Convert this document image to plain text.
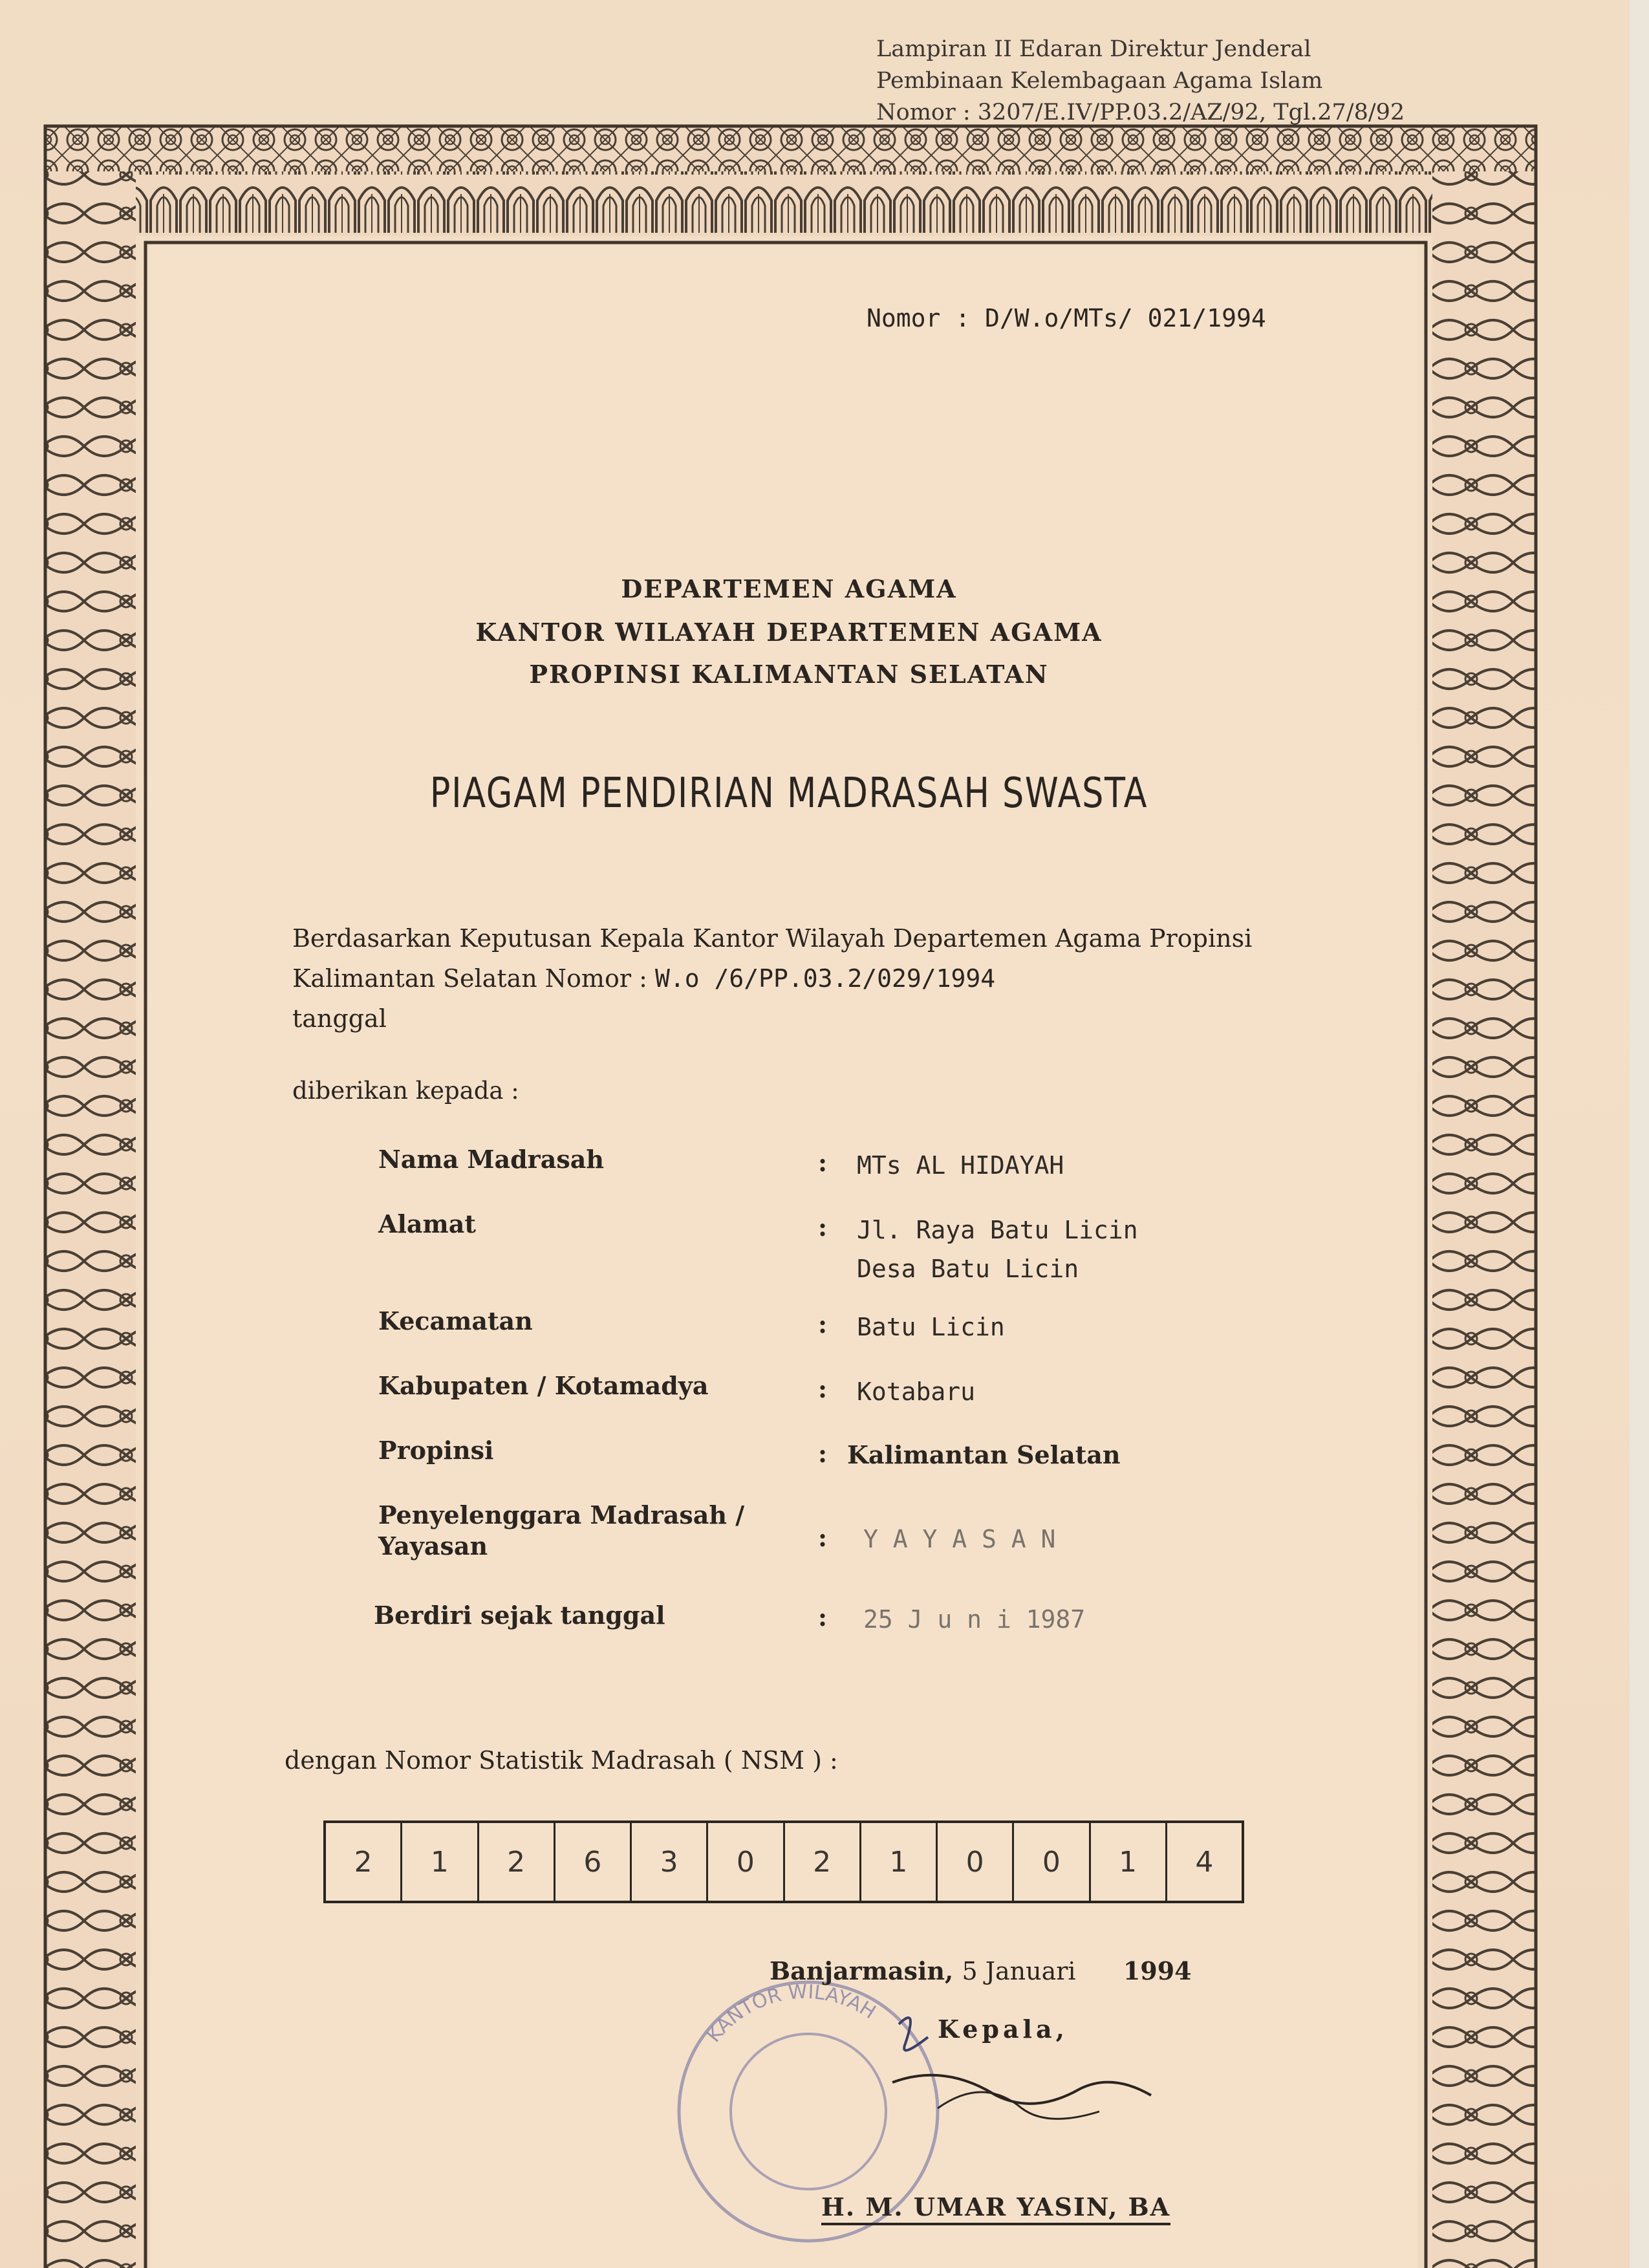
Lampiran II Edaran Direktur Jenderal
Pembinaan Kelembagaan Agama Islam
Nomor : 3207/E.IV/PP.03.2/AZ/92, Tgl.27/8/92
Nomor : D/W.o/MTs/ 021/1994
DEPARTEMEN AGAMA
KANTOR WILAYAH DEPARTEMEN AGAMA
PROPINSI KALIMANTAN SELATAN
PIAGAM PENDIRIAN MADRASAH SWASTA
Berdasarkan Keputusan Kepala Kantor Wilayah Departemen Agama Propinsi Kalimantan Selatan Nomor : W.o /6/PP.03.2/029/1994
tanggal
diberikan kepada :
Nama Madrasah	: MTs AL HIDAYAH
Alamat	: Jl. Raya Batu Licin
Desa Batu Licin
Kecamatan	: Batu Licin
Kabupaten / Kotamadya	: Kotabaru
Propinsi	: Kalimantan Selatan
Penyelenggara Madrasah /
Yayasan	: Y A Y A S A N
Berdiri sejak tanggal	: 25 J u n i 1987
dengan Nomor Statistik Madrasah ( NSM ) :
2	1	2	6	3	0	2	1	0	0	1	4
KANTOR WILAYAH
Banjarmasin, 5 Januari 1994
Kepala,
H. M. UMAR YASIN, BA
